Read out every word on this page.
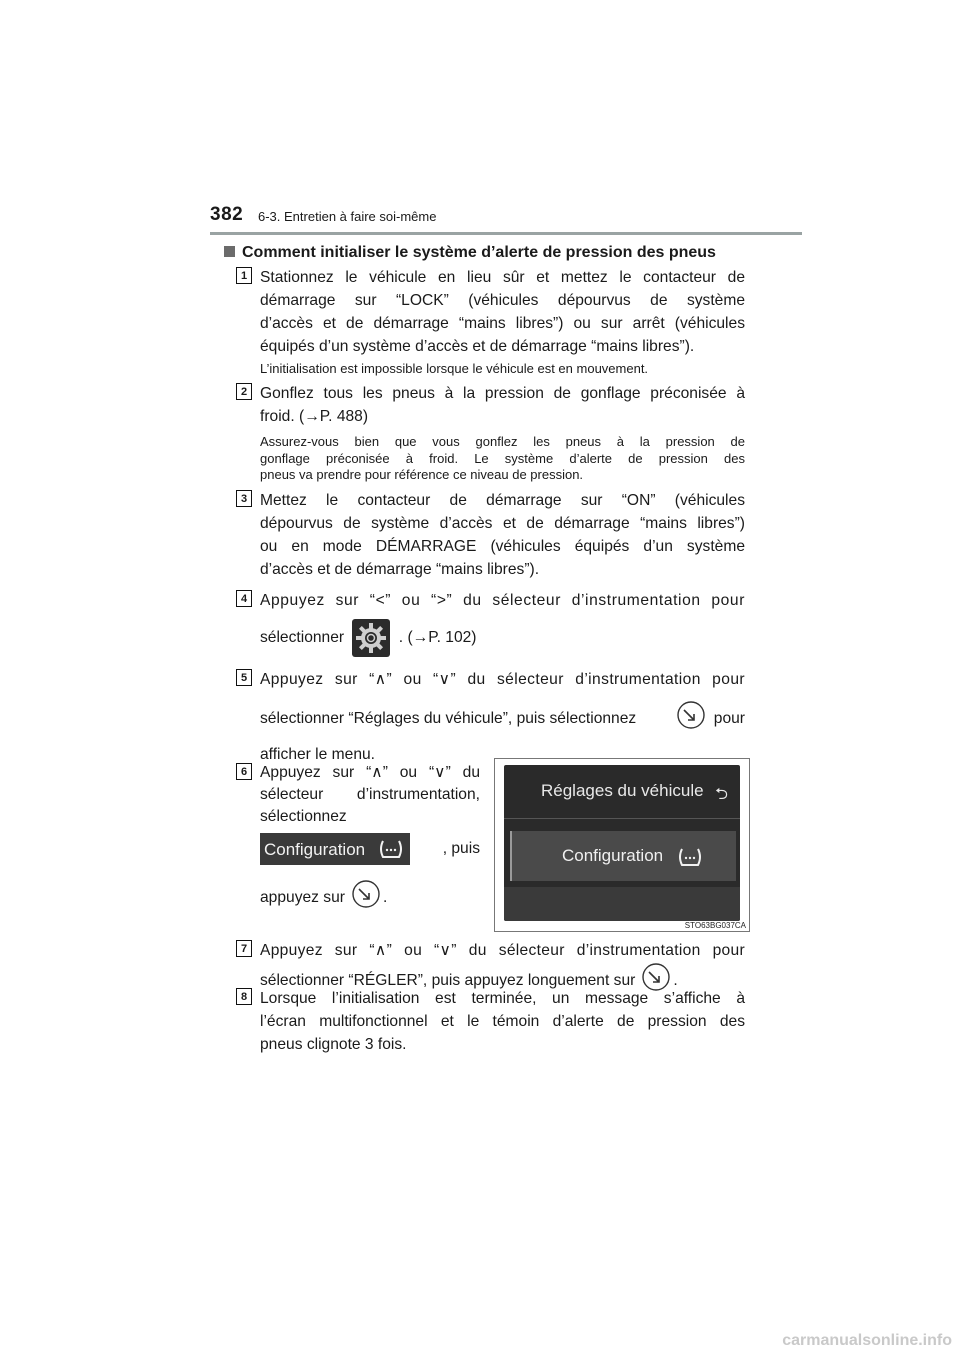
382 6-3. Entretien à faire soi-même
Comment initialiser le système d’alerte de pression des pneus
1 Stationnez le véhicule en lieu sûr et mettez le contacteur de
démarrage sur “LOCK” (véhicules dépourvus de système
d’accès et de démarrage “mains libres”) ou sur arrêt (véhicules
équipés d’un système d’accès et de démarrage “mains libres”).
L’initialisation est impossible lorsque le véhicule est en mouvement.
2 Gonflez tous les pneus à la pression de gonflage préconisée à
froid. (→P. 488)
Assurez-vous bien que vous gonflez les pneus à la pression de
gonflage préconisée à froid. Le système d’alerte de pression des
pneus va prendre pour référence ce niveau de pression.
3 Mettez le contacteur de démarrage sur “ON” (véhicules
dépourvus de système d’accès et de démarrage “mains libres”)
ou en mode DÉMARRAGE (véhicules équipés d’un système
d’accès et de démarrage “mains libres”).
4 Appuyez sur “<” ou “>” du sélecteur d’instrumentation pour
sélectionner	. (→P. 102)
5 Appuyez sur “∧” ou “∨” du sélecteur d’instrumentation pour
sélectionner “Réglages du véhicule”, puis sélectionnez	pour
afficher le menu.
6 Appuyez sur “∧” ou “∨” du
sélecteur d’instrumentation,
sélectionnez
Configuration	, puis
appuyez sur .
Réglages du véhicule ⮌
Configuration
STO63BG037CA
7 Appuyez sur “∧” ou “∨” du sélecteur d’instrumentation pour
sélectionner “RÉGLER”, puis appuyez longuement sur .
8 Lorsque l’initialisation est terminée, un message s’affiche à
l’écran multifonctionnel et le témoin d’alerte de pression des
pneus clignote 3 fois.
carmanualsonline.info
